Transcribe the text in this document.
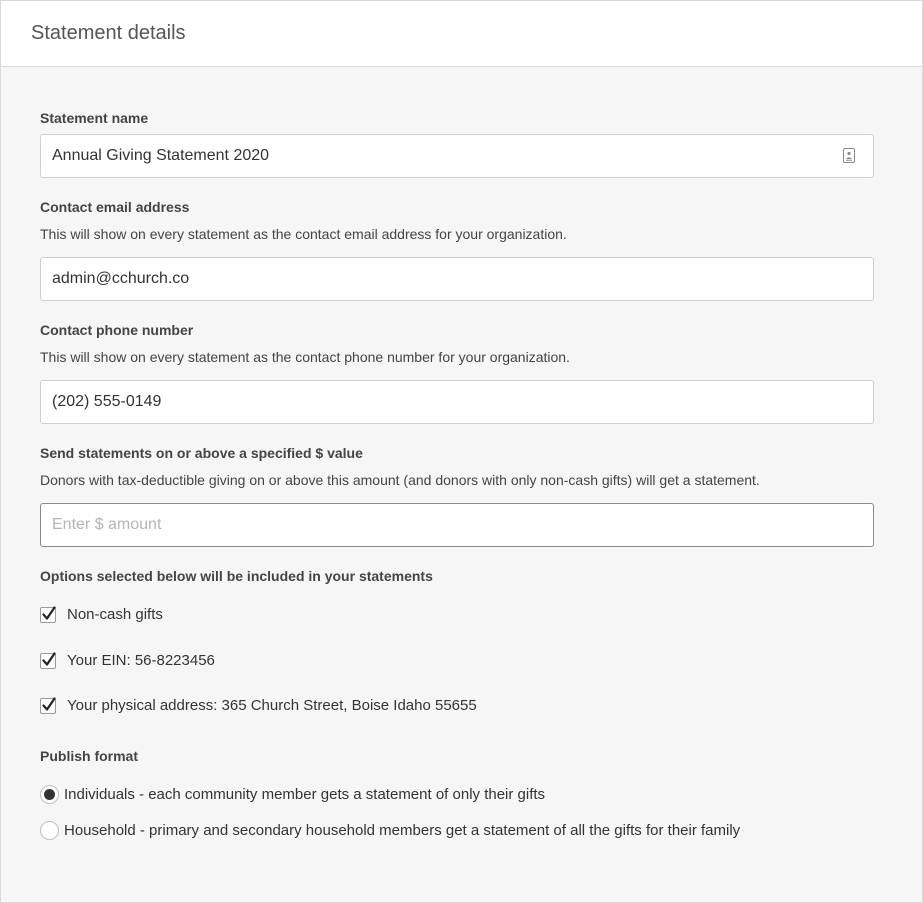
Statement details
Statement name
Annual Giving Statement 2020
Contact email address
This will show on every statement as the contact email address for your organization.
admin@cchurch.co
Contact phone number
This will show on every statement as the contact phone number for your organization.
(202) 555-0149
Send statements on or above a specified $ value
Donors with tax-deductible giving on or above this amount (and donors with only non-cash gifts) will get a statement.
Enter $ amount
Options selected below will be included in your statements
Non-cash gifts
Your EIN: 56-8223456
Your physical address: 365 Church Street, Boise Idaho 55655
Publish format
Individuals - each community member gets a statement of only their gifts
Household - primary and secondary household members get a statement of all the gifts for their family
